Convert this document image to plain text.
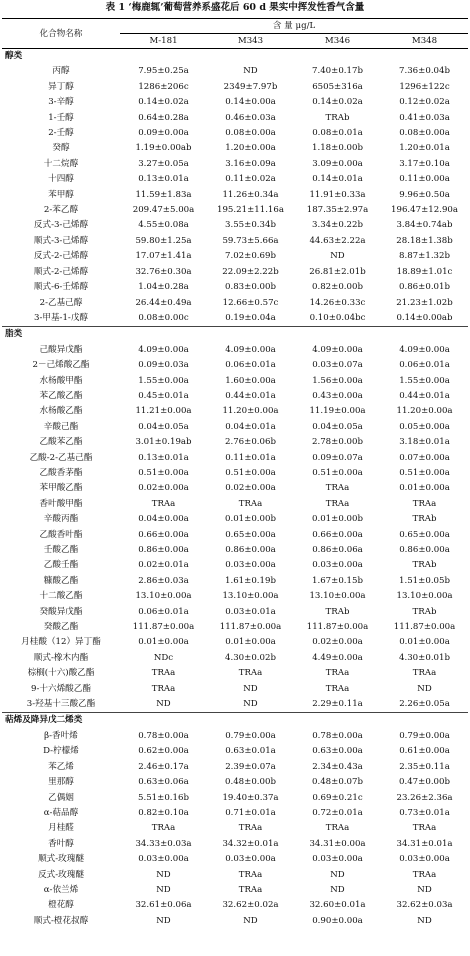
表 1 ‘梅鹿辄’葡萄营养系盛花后 60 d 果实中挥发性香气含量
化合物名称	含 量 μg/L			
	M-181	M343	M346	M348
醇类				
丙醇	7.95±0.25a	ND	7.40±0.17b	7.36±0.04b
异丁醇	1286±206c	2349±7.97b	6505±316a	1296±122c
3-辛醇	0.14±0.02a	0.14±0.00a	0.14±0.02a	0.12±0.02a
1-壬醇	0.64±0.28a	0.46±0.03a	TRAb	0.41±0.03a
2-壬醇	0.09±0.00a	0.08±0.00a	0.08±0.01a	0.08±0.00a
癸醇	1.19±0.00ab	1.20±0.00a	1.18±0.00b	1.20±0.01a
十二烷醇	3.27±0.05a	3.16±0.09a	3.09±0.00a	3.17±0.10a
十四醇	0.13±0.01a	0.11±0.02a	0.14±0.01a	0.11±0.00a
苯甲醇	11.59±1.83a	11.26±0.34a	11.91±0.33a	9.96±0.50a
2-苯乙醇	209.47±5.00a	195.21±11.16a	187.35±2.97a	196.47±12.90a
反式-3-己烯醇	4.55±0.08a	3.55±0.34b	3.34±0.22b	3.84±0.74ab
顺式-3-己烯醇	59.80±1.25a	59.73±5.66a	44.63±2.22a	28.18±1.38b
反式-2-己烯醇	17.07±1.41a	7.02±0.69b	ND	8.87±1.32b
顺式-2-己烯醇	32.76±0.30a	22.09±2.22b	26.81±2.01b	18.89±1.01c
顺式-6-壬烯醇	1.04±0.28a	0.83±0.00b	0.82±0.00b	0.86±0.01b
2-乙基己醇	26.44±0.49a	12.66±0.57c	14.26±0.33c	21.23±1.02b
3-甲基-1-戊醇	0.08±0.00c	0.19±0.04a	0.10±0.04bc	0.14±0.00ab
脂类				
己酸异戊酯	4.09±0.00a	4.09±0.00a	4.09±0.00a	4.09±0.00a
2－己烯酸乙酯	0.09±0.03a	0.06±0.01a	0.03±0.07a	0.06±0.01a
水杨酸甲酯	1.55±0.00a	1.60±0.00a	1.56±0.00a	1.55±0.00a
苯乙酸乙酯	0.45±0.01a	0.44±0.01a	0.43±0.00a	0.44±0.01a
水杨酸乙酯	11.21±0.00a	11.20±0.00a	11.19±0.00a	11.20±0.00a
辛酸己酯	0.04±0.05a	0.04±0.01a	0.04±0.05a	0.05±0.00a
乙酸苯乙酯	3.01±0.19ab	2.76±0.06b	2.78±0.00b	3.18±0.01a
乙酸-2-乙基己酯	0.13±0.01a	0.11±0.01a	0.09±0.07a	0.07±0.00a
乙酸香茅酯	0.51±0.00a	0.51±0.00a	0.51±0.00a	0.51±0.00a
苯甲酸乙酯	0.02±0.00a	0.02±0.00a	TRAa	0.01±0.00a
香叶酸甲酯	TRAa	TRAa	TRAa	TRAa
辛酸丙酯	0.04±0.00a	0.01±0.00b	0.01±0.00b	TRAb
乙酸香叶酯	0.66±0.00a	0.65±0.00a	0.66±0.00a	0.65±0.00a
壬酸乙酯	0.86±0.00a	0.86±0.00a	0.86±0.06a	0.86±0.00a
乙酸壬酯	0.02±0.01a	0.03±0.00a	0.03±0.00a	TRAb
糠酸乙酯	2.86±0.03a	1.61±0.19b	1.67±0.15b	1.51±0.05b
十二酸乙酯	13.10±0.00a	13.10±0.00a	13.10±0.00a	13.10±0.00a
癸酸异戊酯	0.06±0.01a	0.03±0.01a	TRAb	TRAb
癸酸乙酯	111.87±0.00a	111.87±0.00a	111.87±0.00a	111.87±0.00a
月桂酸（12）异丁酯	0.01±0.00a	0.01±0.00a	0.02±0.00a	0.01±0.00a
顺式-橡木内酯	NDc	4.30±0.02b	4.49±0.00a	4.30±0.01b
棕榈(十六)酸乙酯	TRAa	TRAa	TRAa	TRAa
9-十六烯酸乙酯	TRAa	ND	TRAa	ND
3-羟基十三酸乙酯	ND	ND	2.29±0.11a	2.26±0.05a
萜烯及降异戊二烯类				
β-香叶烯	0.78±0.00a	0.79±0.00a	0.78±0.00a	0.79±0.00a
D-柠檬烯	0.62±0.00a	0.63±0.01a	0.63±0.00a	0.61±0.00a
苯乙烯	2.46±0.17a	2.39±0.07a	2.34±0.43a	2.35±0.11a
里那醇	0.63±0.06a	0.48±0.00b	0.48±0.07b	0.47±0.00b
乙偶姻	5.51±0.16b	19.40±0.37a	0.69±0.21c	23.26±2.36a
α-萜品醇	0.82±0.10a	0.71±0.01a	0.72±0.01a	0.73±0.01a
月桂醛	TRAa	TRAa	TRAa	TRAa
香叶醇	34.33±0.03a	34.32±0.01a	34.31±0.00a	34.31±0.01a
顺式-玫瑰醚	0.03±0.00a	0.03±0.00a	0.03±0.00a	0.03±0.00a
反式-玫瑰醚	ND	TRAa	ND	TRAa
α-依兰烯	ND	TRAa	ND	ND
橙花醇	32.61±0.06a	32.62±0.02a	32.60±0.01a	32.62±0.03a
顺式-橙花叔醇	ND	ND	0.90±0.00a	ND
